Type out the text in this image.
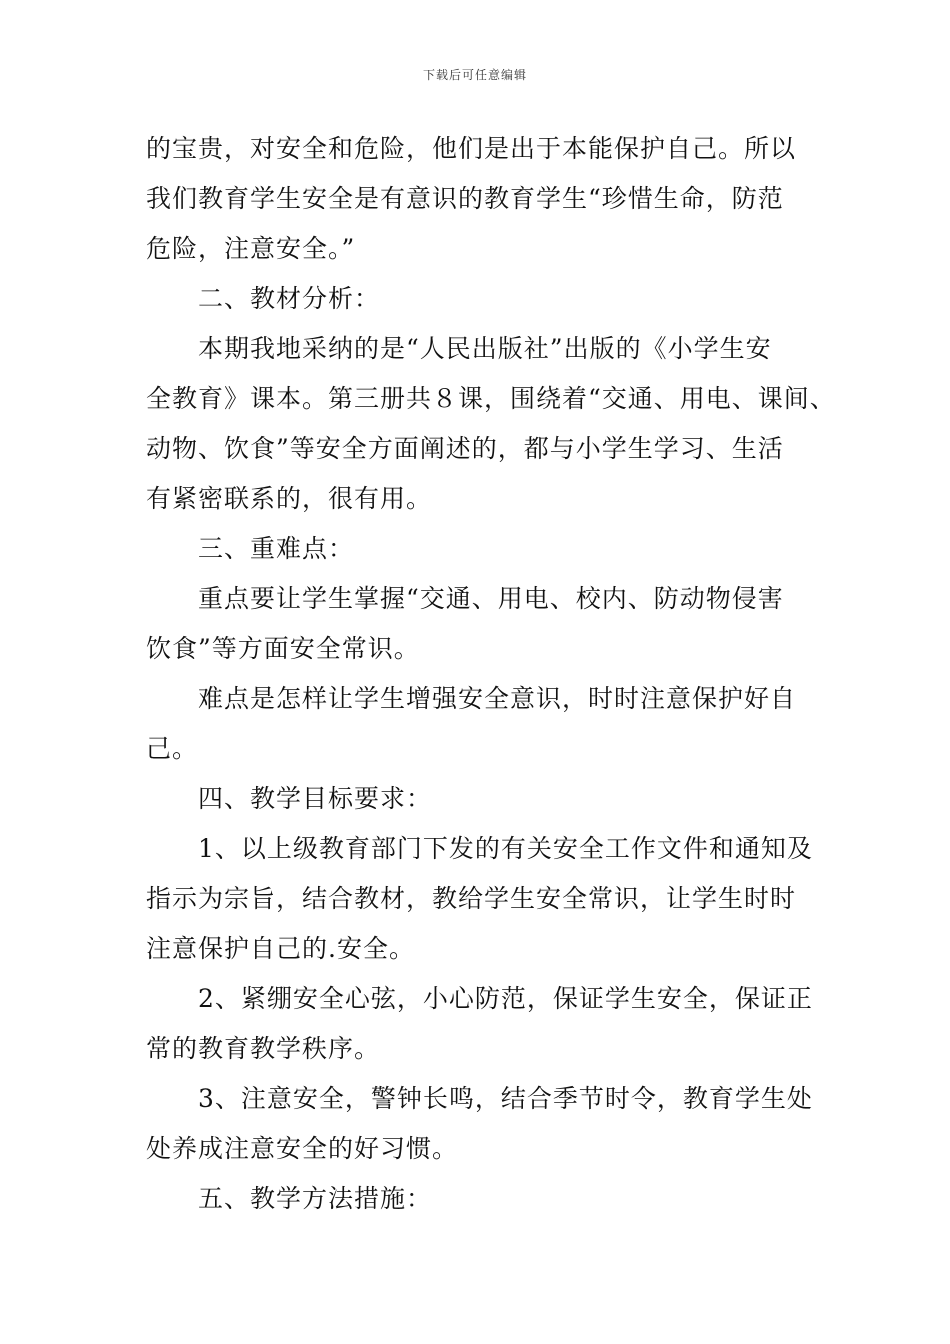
下载后可任意编辑
的宝贵，对安全和危险，他们是出于本能保护自己。所以
我们教育学生安全是有意识的教育学生“珍惜生命，防范
危险，注意安全。”
　　二、教材分析：
　　本期我地采纳的是“人民出版社”出版的《小学生安
全教育》课本。第三册共８课，围绕着“交通、用电、课间、
动物、饮食”等安全方面阐述的，都与小学生学习、生活
有紧密联系的，很有用。
　　三、重难点：
　　重点要让学生掌握“交通、用电、校内、防动物侵害
饮食”等方面安全常识。
　　难点是怎样让学生增强安全意识，时时注意保护好自
己。
　　四、教学目标要求：
　　1、以上级教育部门下发的有关安全工作文件和通知及
指示为宗旨，结合教材，教给学生安全常识，让学生时时
注意保护自己的.安全。
　　2、紧绷安全心弦，小心防范，保证学生安全，保证正
常的教育教学秩序。
　　3、注意安全，警钟长鸣，结合季节时令，教育学生处
处养成注意安全的好习惯。
　　五、教学方法措施：
